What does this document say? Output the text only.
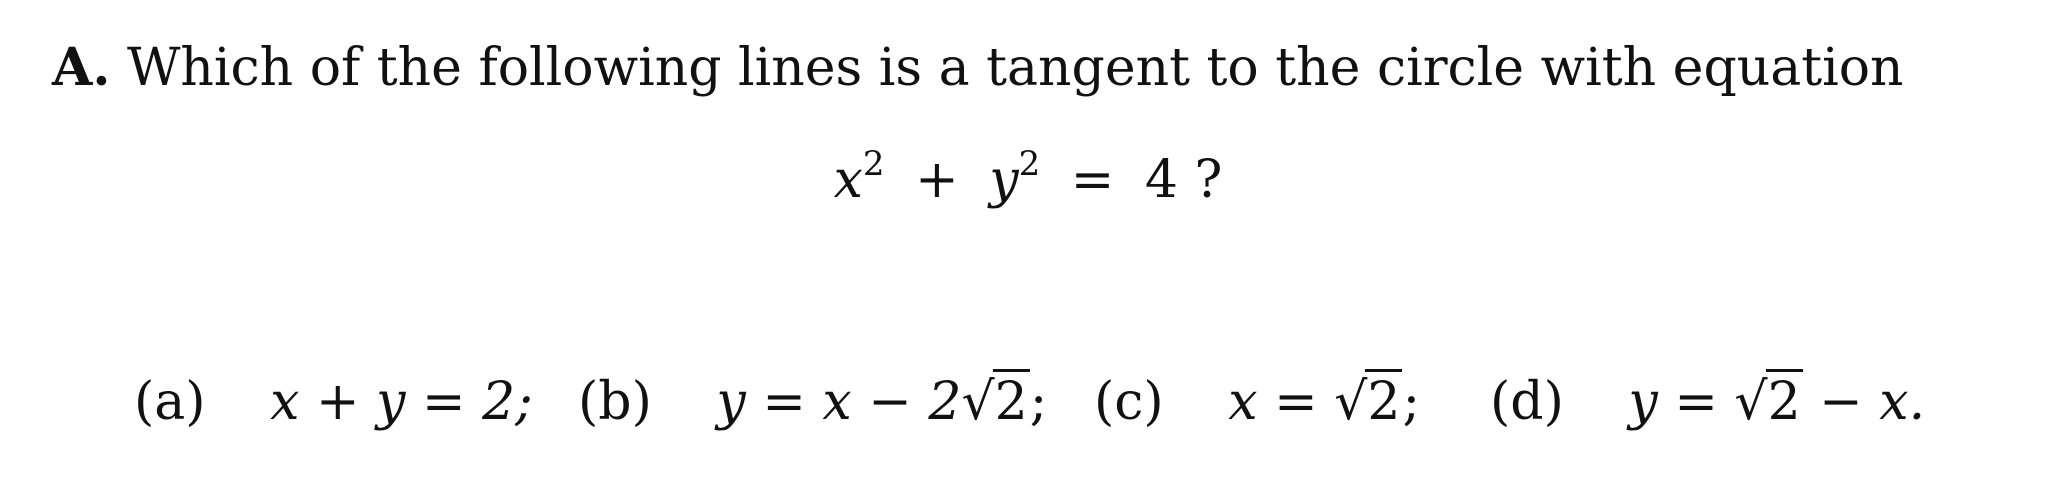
A. Which of the following lines is a tangent to the circle with equation
$x^2 + y^2 = 4$ ?
(a) x + y = 2; (b) y = x − 2√2; (c) x = √2; (d) y = √2 − x.
